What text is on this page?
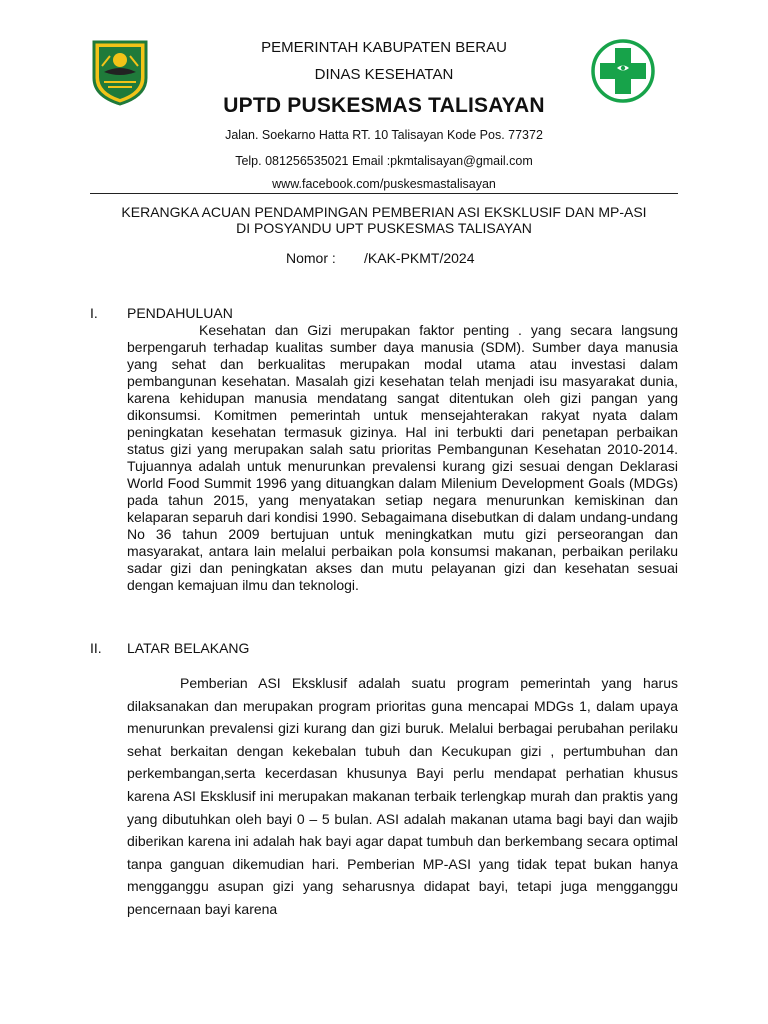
PEMERINTAH KABUPATEN BERAU
DINAS KESEHATAN
UPTD PUSKESMAS TALISAYAN
Jalan. Soekarno Hatta RT. 10 Talisayan Kode Pos. 77372
Telp. 081256535021 Email :pkmtalisayan@gmail.com
www.facebook.com/puskesmastalisayan
KERANGKA ACUAN PENDAMPINGAN PEMBERIAN ASI EKSKLUSIF DAN MP-ASI
DI POSYANDU UPT PUSKESMAS TALISAYAN
Nomor : /KAK-PKMT/2024
I. PENDAHULUAN
Kesehatan dan Gizi merupakan faktor penting . yang secara langsung berpengaruh terhadap kualitas sumber daya manusia (SDM). Sumber daya manusia yang sehat dan berkualitas merupakan modal utama atau investasi dalam pembangunan kesehatan. Masalah gizi kesehatan telah menjadi isu masyarakat dunia, karena kehidupan manusia mendatang sangat ditentukan oleh gizi pangan yang dikonsumsi. Komitmen pemerintah untuk mensejahterakan rakyat nyata dalam peningkatan kesehatan termasuk gizinya. Hal ini terbukti dari penetapan perbaikan status gizi yang merupakan salah satu prioritas Pembangunan Kesehatan 2010-2014. Tujuannya adalah untuk menurunkan prevalensi kurang gizi sesuai dengan Deklarasi World Food Summit 1996 yang dituangkan dalam Milenium Development Goals (MDGs) pada tahun 2015, yang menyatakan setiap negara menurunkan kemiskinan dan kelaparan separuh dari kondisi 1990. Sebagaimana disebutkan di dalam undang-undang No 36 tahun 2009 bertujuan untuk meningkatkan mutu gizi perseorangan dan masyarakat, antara lain melalui perbaikan pola konsumsi makanan, perbaikan perilaku sadar gizi dan peningkatan akses dan mutu pelayanan gizi dan kesehatan sesuai dengan kemajuan ilmu dan teknologi.
II. LATAR BELAKANG
Pemberian ASI Eksklusif adalah suatu program pemerintah yang harus dilaksanakan dan merupakan program prioritas guna mencapai MDGs 1, dalam upaya menurunkan prevalensi gizi kurang dan gizi buruk. Melalui berbagai perubahan perilaku sehat berkaitan dengan kekebalan tubuh dan Kecukupan gizi , pertumbuhan dan perkembangan,serta kecerdasan khusunya Bayi perlu mendapat perhatian khusus karena ASI Eksklusif ini merupakan makanan terbaik terlengkap murah dan praktis yang yang dibutuhkan oleh bayi 0 – 5 bulan. ASI adalah makanan utama bagi bayi dan wajib diberikan karena ini adalah hak bayi agar dapat tumbuh dan berkembang secara optimal tanpa ganguan dikemudian hari. Pemberian MP-ASI yang tidak tepat bukan hanya mengganggu asupan gizi yang seharusnya didapat bayi, tetapi juga mengganggu pencernaan bayi karena
